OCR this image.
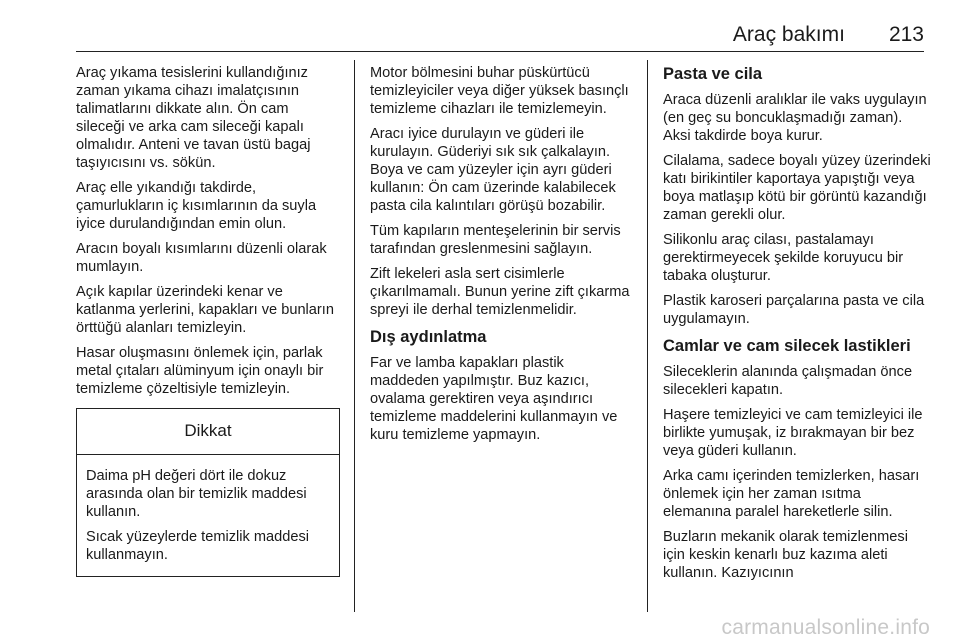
Araç bakımı 213

Araç yıkama tesislerini kullandığınız zaman yıkama cihazı imalatçısının talimatlarını dikkate alın. Ön cam sileceği ve arka cam sileceği kapalı olmalıdır. Anteni ve tavan üstü bagaj taşıyıcısını vs. sökün.

Araç elle yıkandığı takdirde, çamurlukların iç kısımlarının da suyla iyice durulandığından emin olun.

Aracın boyalı kısımlarını düzenli olarak mumlayın.

Açık kapılar üzerindeki kenar ve katlanma yerlerini, kapakları ve bunların örttüğü alanları temizleyin.

Hasar oluşmasını önlemek için, parlak metal çıtaları alüminyum için onaylı bir temizleme çözeltisiyle temizleyin.

Dikkat

Daima pH değeri dört ile dokuz arasında olan bir temizlik maddesi kullanın.

Sıcak yüzeylerde temizlik maddesi kullanmayın.

Motor bölmesini buhar püskürtücü temizleyiciler veya diğer yüksek basınçlı temizleme cihazları ile temizlemeyin.

Aracı iyice durulayın ve güderi ile kurulayın. Güderiyi sık sık çalkalayın. Boya ve cam yüzeyler için ayrı güderi kullanın: Ön cam üzerinde kalabilecek pasta cila kalıntıları görüşü bozabilir.

Tüm kapıların menteşelerinin bir servis tarafından greslenmesini sağlayın.

Zift lekeleri asla sert cisimlerle çıkarılmamalı. Bunun yerine zift çıkarma spreyi ile derhal temizlenmelidir.

Dış aydınlatma

Far ve lamba kapakları plastik maddeden yapılmıştır. Buz kazıcı, ovalama gerektiren veya aşındırıcı temizleme maddelerini kullanmayın ve kuru temizleme yapmayın.

Pasta ve cila

Araca düzenli aralıklar ile vaks uygulayın (en geç su boncuklaşmadığı zaman). Aksi takdirde boya kurur.

Cilalama, sadece boyalı yüzey üzerindeki katı birikintiler kaportaya yapıştığı veya boya matlaşıp kötü bir görüntü kazandığı zaman gerekli olur.

Silikonlu araç cilası, pastalamayı gerektirmeyecek şekilde koruyucu bir tabaka oluşturur.

Plastik karoseri parçalarına pasta ve cila uygulamayın.

Camlar ve cam silecek lastikleri

Sileceklerin alanında çalışmadan önce silecekleri kapatın.

Haşere temizleyici ve cam temizleyici ile birlikte yumuşak, iz bırakmayan bir bez veya güderi kullanın.

Arka camı içerinden temizlerken, hasarı önlemek için her zaman ısıtma elemanına paralel hareketlerle silin.

Buzların mekanik olarak temizlenmesi için keskin kenarlı buz kazıma aleti kullanın. Kazıyıcının

carmanualsonline.info
